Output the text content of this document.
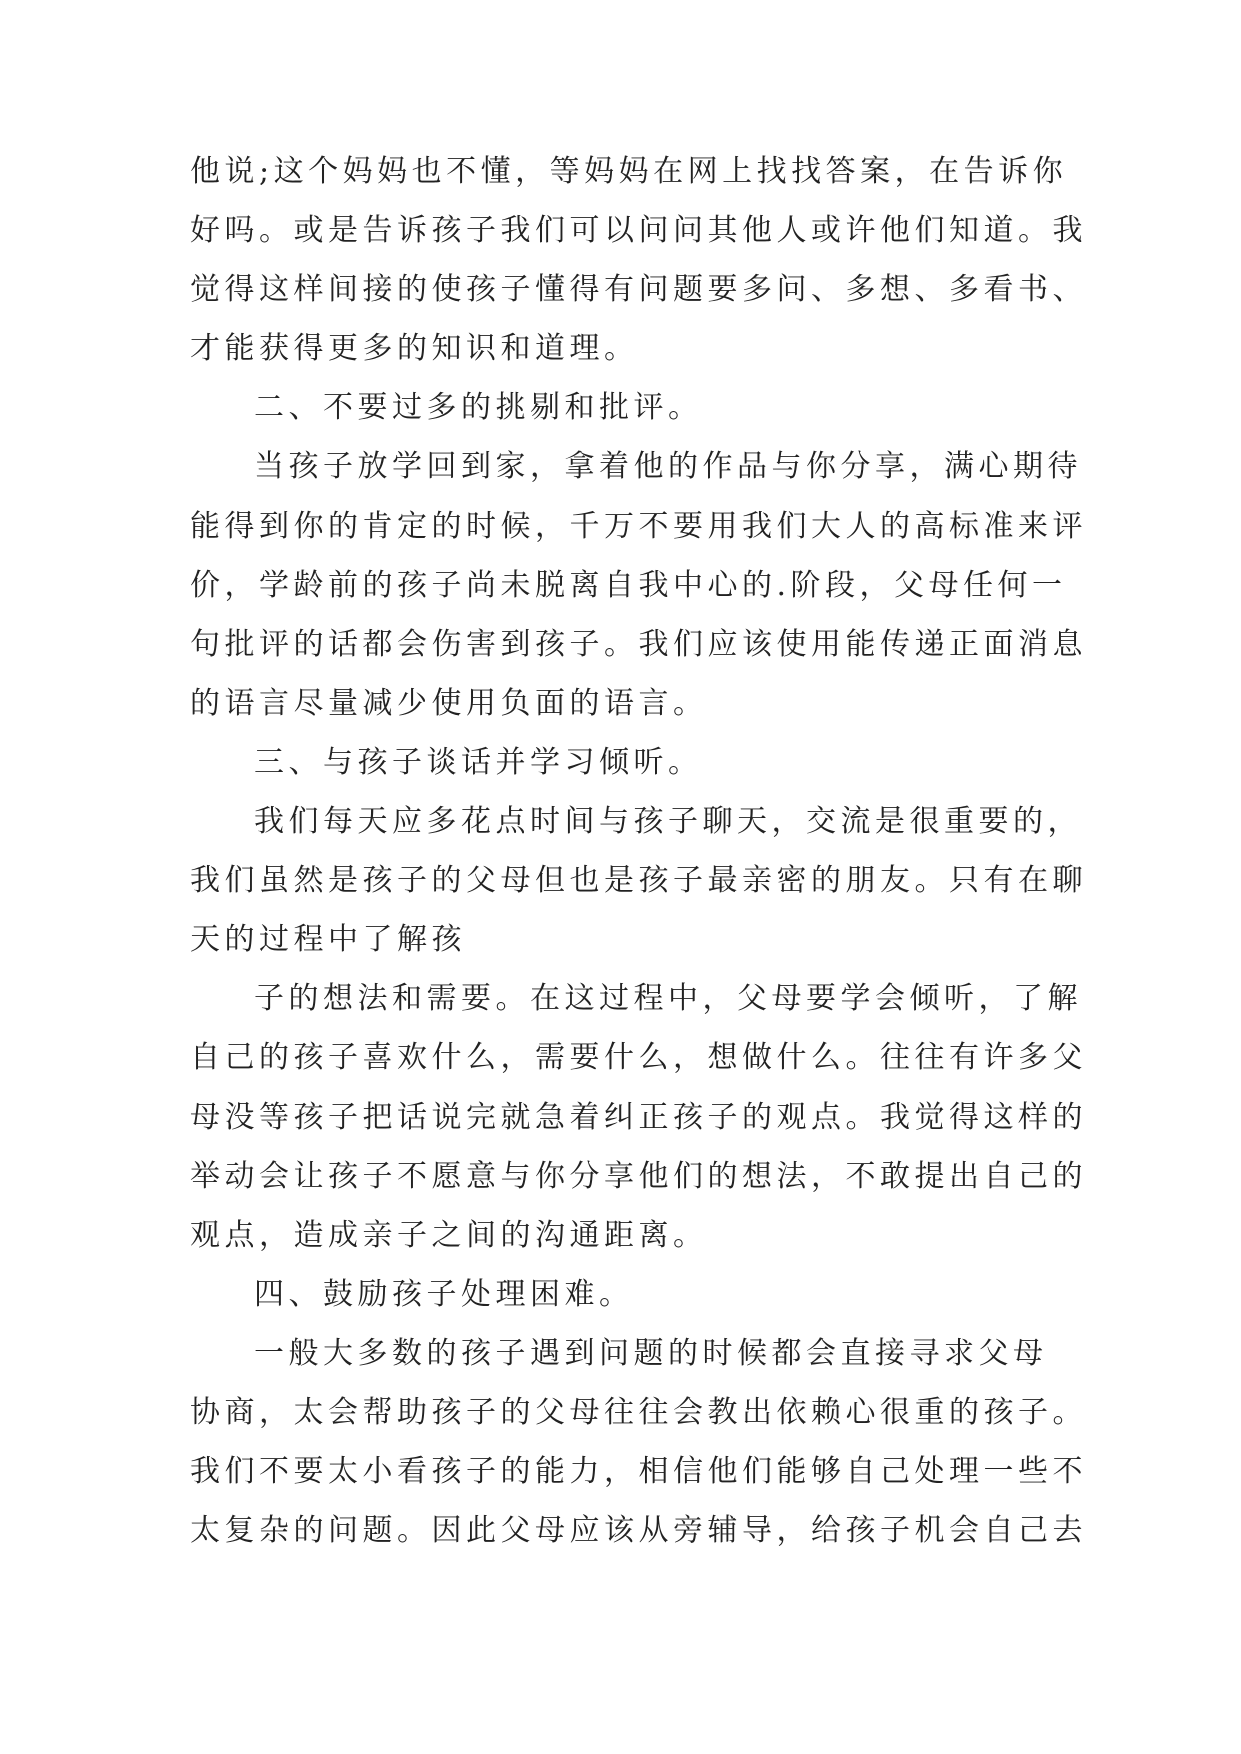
他说;这个妈妈也不懂，等妈妈在网上找找答案，在告诉你
好吗。或是告诉孩子我们可以问问其他人或许他们知道。我
觉得这样间接的使孩子懂得有问题要多问、多想、多看书、
才能获得更多的知识和道理。
二、不要过多的挑剔和批评。
当孩子放学回到家，拿着他的作品与你分享，满心期待
能得到你的肯定的时候，千万不要用我们大人的高标准来评
价，学龄前的孩子尚未脱离自我中心的.阶段，父母任何一
句批评的话都会伤害到孩子。我们应该使用能传递正面消息
的语言尽量减少使用负面的语言。
三、与孩子谈话并学习倾听。
我们每天应多花点时间与孩子聊天，交流是很重要的，
我们虽然是孩子的父母但也是孩子最亲密的朋友。只有在聊
天的过程中了解孩
子的想法和需要。在这过程中，父母要学会倾听，了解
自己的孩子喜欢什么，需要什么，想做什么。往往有许多父
母没等孩子把话说完就急着纠正孩子的观点。我觉得这样的
举动会让孩子不愿意与你分享他们的想法，不敢提出自己的
观点，造成亲子之间的沟通距离。
四、鼓励孩子处理困难。
一般大多数的孩子遇到问题的时候都会直接寻求父母
协商，太会帮助孩子的父母往往会教出依赖心很重的孩子。
我们不要太小看孩子的能力，相信他们能够自己处理一些不
太复杂的问题。因此父母应该从旁辅导，给孩子机会自己去
